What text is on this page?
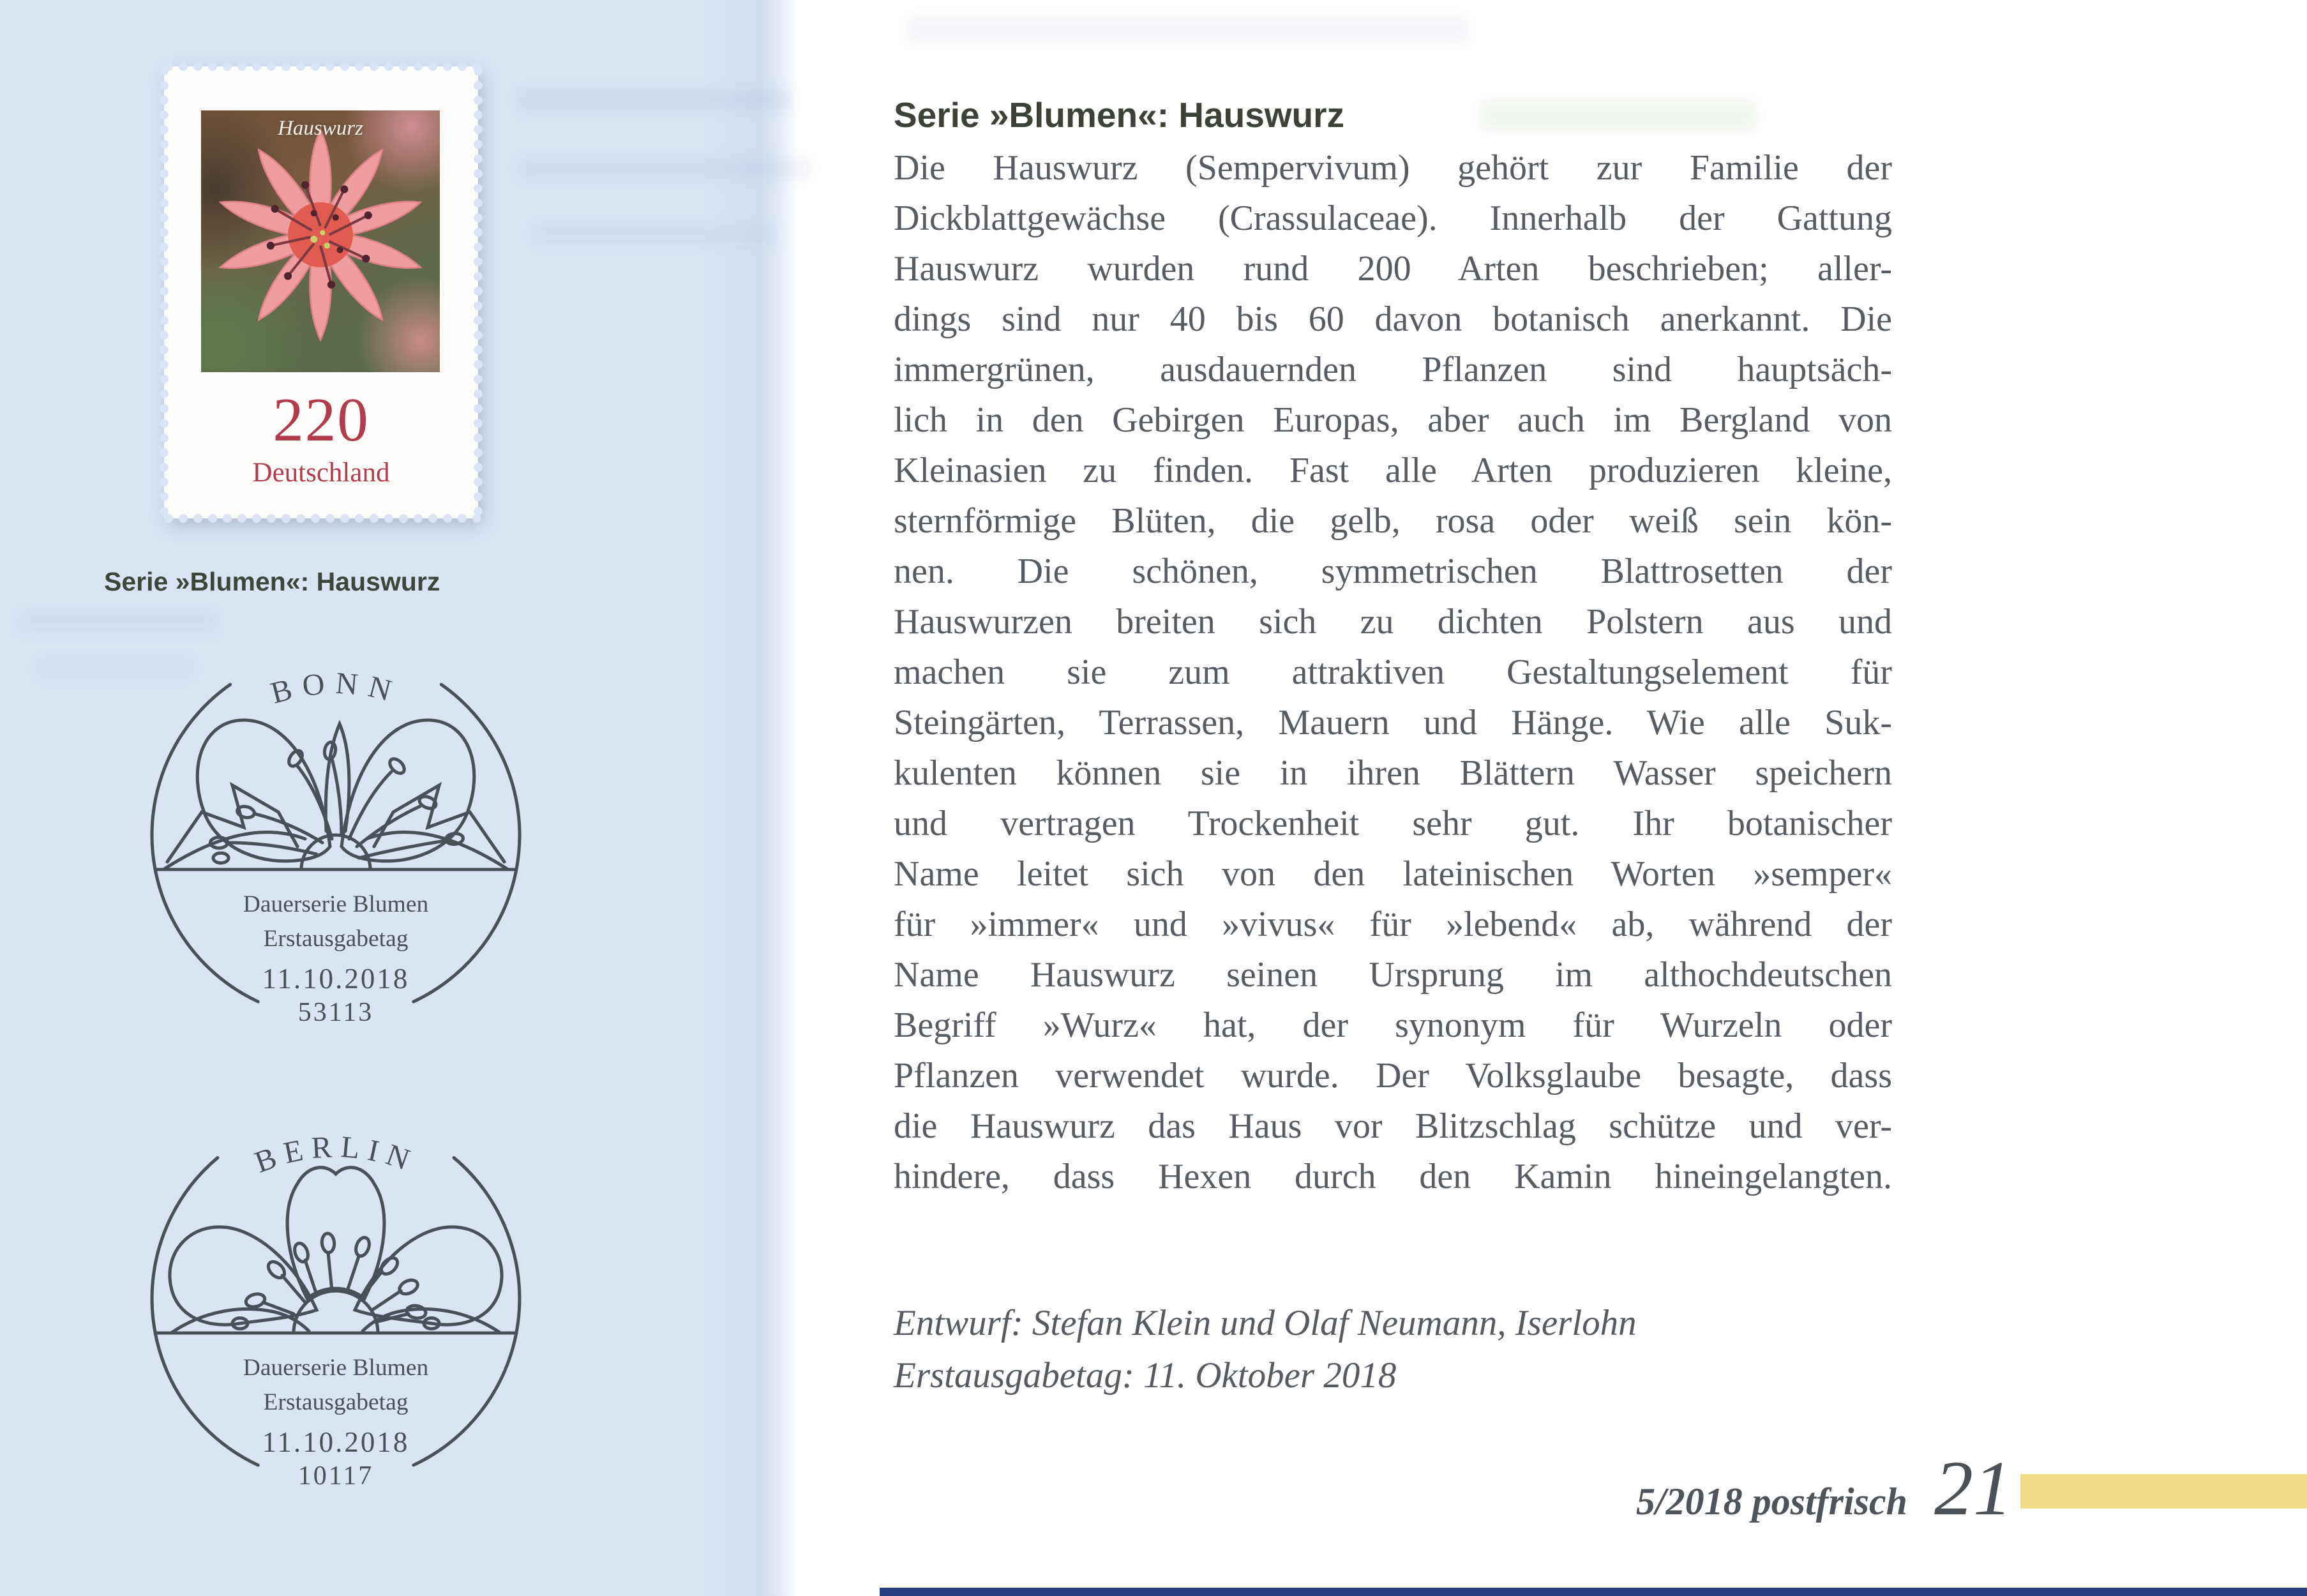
Hauswurz
220
Deutschland
Serie »Blumen«: Hauswurz
BONN
Dauerserie Blumen
Erstausgabetag
11.10.2018
53113
BERLIN
Dauerserie Blumen
Erstausgabetag
11.10.2018
10117
Serie »Blumen«: Hauswurz
Die Hauswurz (Sempervivum) gehört zur Familie der
Dickblattgewächse (Crassulaceae). Innerhalb der Gattung
Hauswurz wurden rund 200 Arten beschrieben; aller-
dings sind nur 40 bis 60 davon botanisch anerkannt. Die
immergrünen, ausdauernden Pflanzen sind hauptsäch-
lich in den Gebirgen Europas, aber auch im Bergland von
Kleinasien zu finden. Fast alle Arten produzieren kleine,
sternförmige Blüten, die gelb, rosa oder weiß sein kön-
nen. Die schönen, symmetrischen Blattrosetten der
Hauswurzen breiten sich zu dichten Polstern aus und
machen sie zum attraktiven Gestaltungselement für
Steingärten, Terrassen, Mauern und Hänge. Wie alle Suk-
kulenten können sie in ihren Blättern Wasser speichern
und vertragen Trockenheit sehr gut. Ihr botanischer
Name leitet sich von den lateinischen Worten »semper«
für »immer« und »vivus« für »lebend« ab, während der
Name Hauswurz seinen Ursprung im althochdeutschen
Begriff »Wurz« hat, der synonym für Wurzeln oder
Pflanzen verwendet wurde. Der Volksglaube besagte, dass
die Hauswurz das Haus vor Blitzschlag schütze und ver-
hindere, dass Hexen durch den Kamin hineingelangten.
Entwurf: Stefan Klein und Olaf Neumann, Iserlohn
Erstausgabetag: 11. Oktober 2018
5/2018 postfrisch 21
